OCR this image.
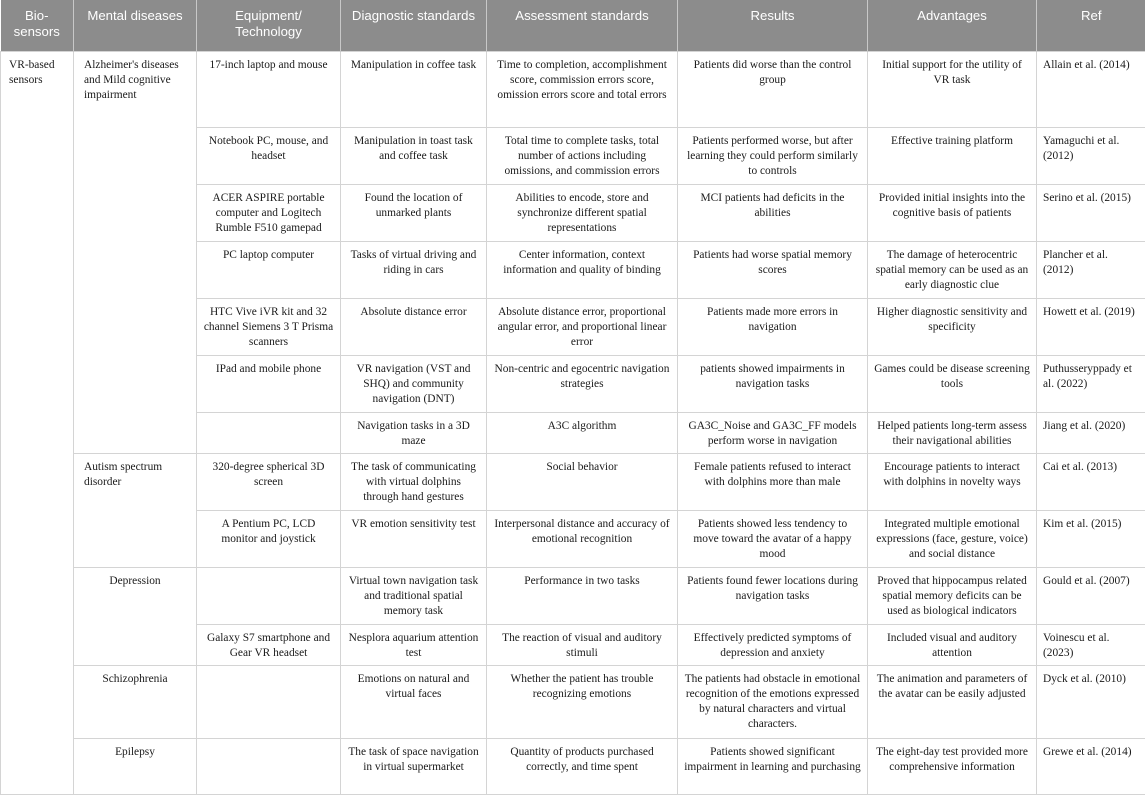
Bio-sensors	Mental diseases	Equipment/ Technology	Diagnostic standards	Assessment standards	Results	Advantages	Ref
VR-based sensors	Alzheimer's diseases and Mild cognitive impairment	17-inch laptop and mouse	Manipulation in coffee task	Time to completion, accomplishment score, commission errors score, omission errors score and total errors	Patients did worse than the control group	Initial support for the utility of VR task	Allain et al. (2014)
		Notebook PC, mouse, and headset	Manipulation in toast task and coffee task	Total time to complete tasks, total number of actions including omissions, and commission errors	Patients performed worse, but after learning they could perform similarly to controls	Effective training platform	Yamaguchi et al. (2012)
		ACER ASPIRE portable computer and Logitech Rumble F510 gamepad	Found the location of unmarked plants	Abilities to encode, store and synchronize different spatial representations	MCI patients had deficits in the abilities	Provided initial insights into the cognitive basis of patients	Serino et al. (2015)
		PC laptop computer	Tasks of virtual driving and riding in cars	Center information, context information and quality of binding	Patients had worse spatial memory scores	The damage of heterocentric spatial memory can be used as an early diagnostic clue	Plancher et al. (2012)
		HTC Vive iVR kit and 32 channel Siemens 3 T Prisma scanners	Absolute distance error	Absolute distance error, proportional angular error, and proportional linear error	Patients made more errors in navigation	Higher diagnostic sensitivity and specificity	Howett et al. (2019)
		IPad and mobile phone	VR navigation (VST and SHQ) and community navigation (DNT)	Non-centric and egocentric navigation strategies	patients showed impairments in navigation tasks	Games could be disease screening tools	Puthusseryppady et al. (2022)
			Navigation tasks in a 3D maze	A3C algorithm	GA3C_Noise and GA3C_FF models perform worse in navigation	Helped patients long-term assess their navigational abilities	Jiang et al. (2020)
	Autism spectrum disorder	320-degree spherical 3D screen	The task of communicating with virtual dolphins through hand gestures	Social behavior	Female patients refused to interact with dolphins more than male	Encourage patients to interact with dolphins in novelty ways	Cai et al. (2013)
		A Pentium PC, LCD monitor and joystick	VR emotion sensitivity test	Interpersonal distance and accuracy of emotional recognition	Patients showed less tendency to move toward the avatar of a happy mood	Integrated multiple emotional expressions (face, gesture, voice) and social distance	Kim et al. (2015)
	Depression		Virtual town navigation task and traditional spatial memory task	Performance in two tasks	Patients found fewer locations during navigation tasks	Proved that hippocampus related spatial memory deficits can be used as biological indicators	Gould et al. (2007)
		Galaxy S7 smartphone and Gear VR headset	Nesplora aquarium attention test	The reaction of visual and auditory stimuli	Effectively predicted symptoms of depression and anxiety	Included visual and auditory attention	Voinescu et al. (2023)
	Schizophrenia		Emotions on natural and virtual faces	Whether the patient has trouble recognizing emotions	The patients had obstacle in emotional recognition of the emotions expressed by natural characters and virtual characters.	The animation and parameters of the avatar can be easily adjusted	Dyck et al. (2010)
	Epilepsy		The task of space navigation in virtual supermarket	Quantity of products purchased correctly, and time spent	Patients showed significant impairment in learning and purchasing	The eight-day test provided more comprehensive information	Grewe et al. (2014)
